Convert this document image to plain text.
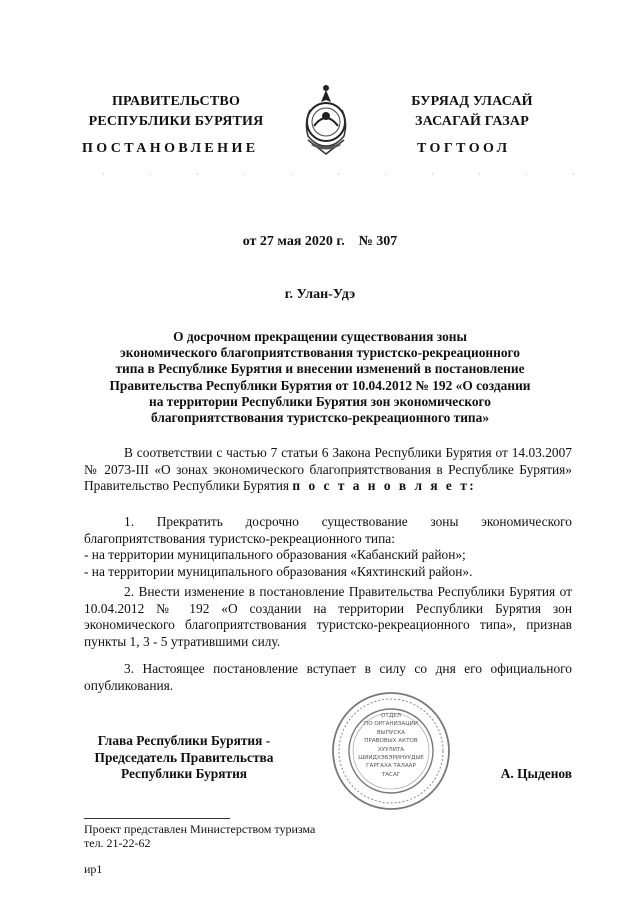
ПРАВИТЕЛЬСТВО
РЕСПУБЛИКИ БУРЯТИЯ
БУРЯАД УЛАСАЙ
ЗАСАГАЙ ГАЗАР
ПОСТАНОВЛЕНИЕ	ТОГТООЛ
от 27 мая 2020 г.    № 307
г. Улан-Удэ
О досрочном прекращении существования зоны
экономического благоприятствования туристско-рекреационного
типа в Республике Бурятия и внесении изменений в постановление
Правительства Республики Бурятия от 10.04.2012 № 192 «О создании
на территории Республики Бурятия зон экономического
благоприятствования туристско-рекреационного типа»
В соответствии с частью 7 статьи 6 Закона Республики Бурятия от 14.03.2007 № 2073-III «О зонах экономического благоприятствования в Республике Бурятия» Правительство Республики Бурятия п о с т а н о в л я е т:
1. Прекратить досрочно существование зоны экономического благоприятствования туристско-рекреационного типа:
- на территории муниципального образования «Кабанский район»;
- на территории муниципального образования «Кяхтинский район».
2. Внести изменение в постановление Правительства Республики Бурятия от 10.04.2012 № 192 «О создании на территории Республики Бурятия зон экономического благоприятствования туристско-рекреационного типа», признав пункты 1, 3 - 5 утратившими силу.
3. Настоящее постановление вступает в силу со дня его официального опубликования.
Глава Республики Бурятия -
Председатель Правительства
Республики Бурятия
ОТДЕЛ
ПО ОРГАНИЗАЦИИ
ВЫПУСКА
ПРАВОВЫХ АКТОВ
ХУУЛИТА
ШИИДХЭБЭРИНУУДЫЕ
ГАРГАХА ТАЛААР
ТАСАГ	А. Цыденов
Проект представлен Министерством туризма
тел. 21-22-62
ир1
